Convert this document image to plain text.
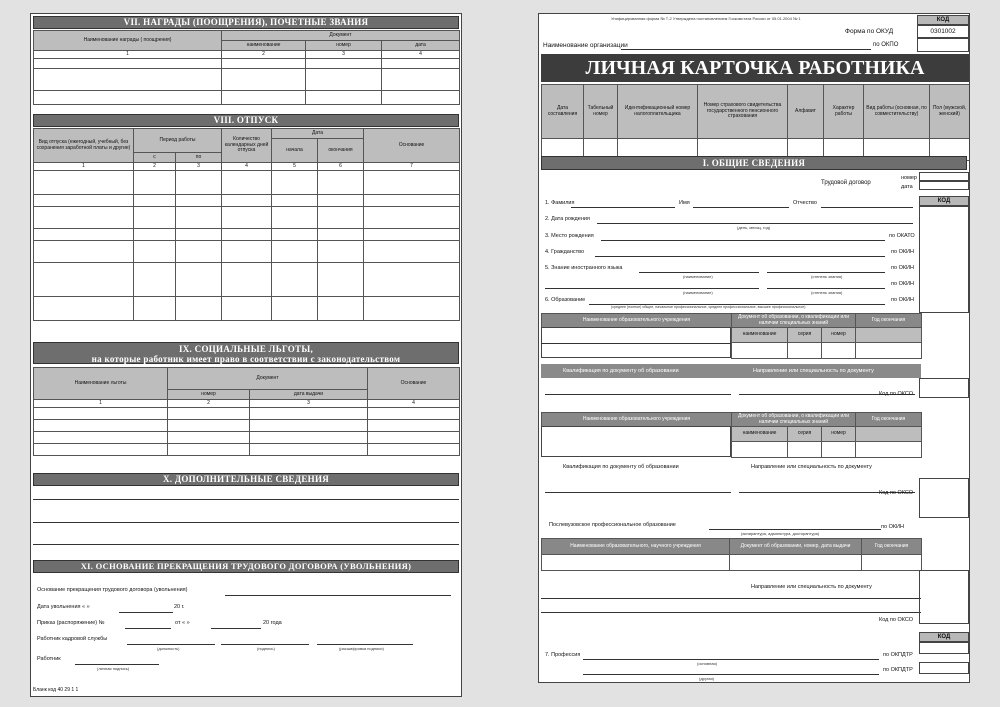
VII. НАГРАДЫ (ПООЩРЕНИЯ), ПОЧЕТНЫЕ ЗВАНИЯ
Наименование награды ( поощрения)	Документ		
	наименование	номер	дата
1	2	3	4

VIII. ОТПУСК
Вид отпуска (ежегодный, учебный, без сохранения заработной платы и другие)	Период работы		Количество календарных дней отпуска	Дата		Основание
				начала	окончания	
	с	по				
1	2	3	4	5	6	7

IX. СОЦИАЛЬНЫЕ ЛЬГОТЫ,
на которые работник имеет право в соответствии с законодательством
Наименование льготы	Документ		Основание
	номер	дата выдачи	
1	2	3	4

X. ДОПОЛНИТЕЛЬНЫЕ СВЕДЕНИЯ
XI. ОСНОВАНИЕ ПРЕКРАЩЕНИЯ ТРУДОВОГО ДОГОВОРА (УВОЛЬНЕНИЯ)
Основание прекращения трудового договора (увольнения)
Дата увольнения « »	20 г.
Приказ (распоряжение) №	от « »	20 года
Работник кадровой службы
(должность)	(подпись)	(расшифровка подписи)
Работник
(личная подпись)
Бланк код 40 29 1 1
Унифицированная форма № Т-2 Утверждена постановлением Госкомстата России от 05.01.2004 № 1	КОД
Форма по ОКУД	0301002
Наименование организации	по ОКПО
ЛИЧНАЯ КАРТОЧКА РАБОТНИКА
Дата составления	Табельный номер	Идентификационный номер налогоплательщика	Номер страхового свидетельства государственного пенсионного страхования	Алфавит	Характер работы	Вид работы (основная, по совместительству)	Пол (мужской, женский)

I. ОБЩИЕ СВЕДЕНИЯ
Трудовой договор
номер
дата
КОД
1. Фамилия	Имя	Отчество
2. Дата рождения
(день, месяц, год)
3. Место рождения	по ОКАТО
4. Гражданство	по ОКИН
5. Знание иностранного языка	по ОКИН
(наименование)	(степень знания)
по ОКИН
(наименование)	(степень знания)
6. Образование	по ОКИН
(среднее (полное) общее, начальное профессиональное, среднее профессиональное, высшее профессиональное)
Наименование образовательного учреждения	Документ об образовании, о квалификации или наличии специальных знаний	Год окончания
наименование	серия	номер	

Квалификация по документу об образовании	Направление или специальность по документу
Код по ОКСО
Наименование образовательного учреждения	Документ об образовании, о квалификации или наличии специальных знаний	Год окончания
наименование	серия	номер	

Квалификация по документу об образовании	Направление или специальность по документу
Код по ОКСО
Послевузовское профессиональное образование
(аспирантура, адъюнктура, докторантура)
по ОКИН
Наименование образовательного, научного учреждения	Документ об образовании, номер, дата выдачи	Год окончания

Направление или специальность по документу
Код по ОКСО
КОД
7. Профессия
(основная)
по ОКПДТР
(другая)
по ОКПДТР
